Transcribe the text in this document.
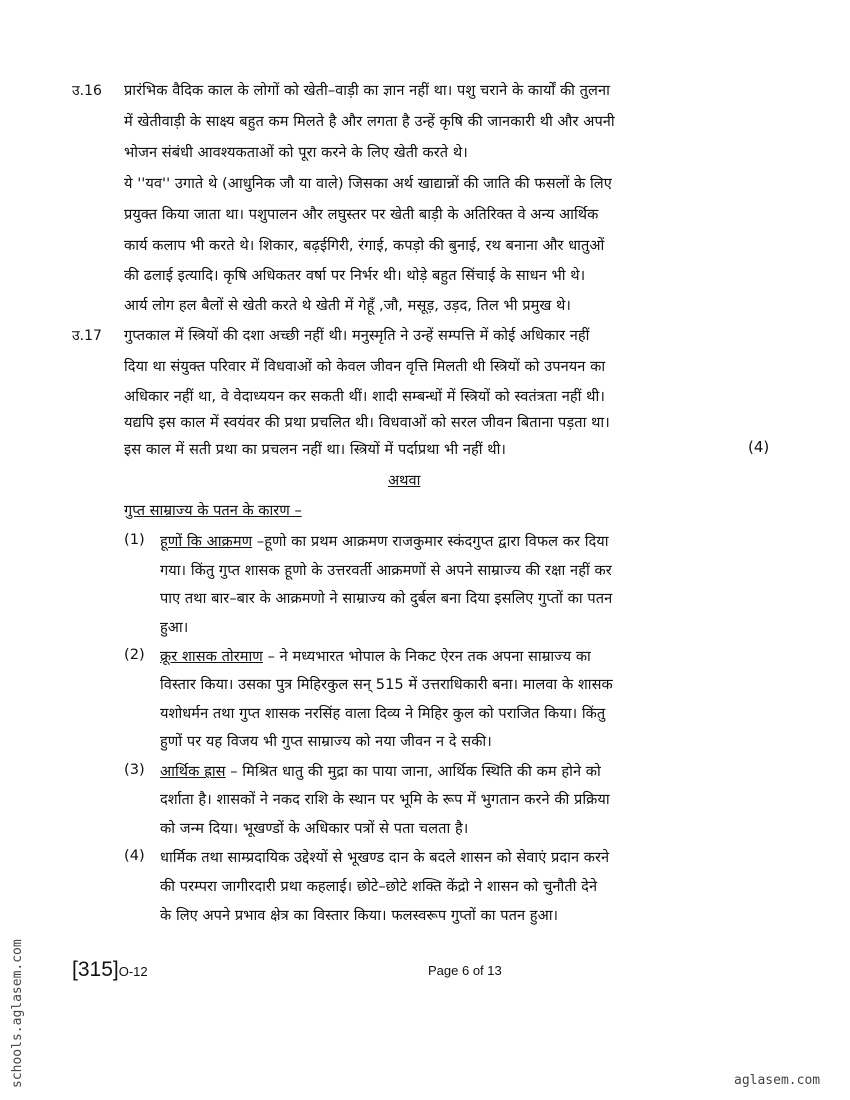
उ.16 प्रारंभिक वैदिक काल के लोगों को खेती–वाड़ी का ज्ञान नहीं था। पशु चराने के कार्यों की तुलना
में खेतीवाड़ी के साक्ष्य बहुत कम मिलते है और लगता है उन्हें कृषि की जानकारी थी और अपनी
भोजन संबंधी आवश्यकताओं को पूरा करने के लिए खेती करते थे।
ये ''यव'' उगाते थे (आधुनिक जौ या वाले) जिसका अर्थ खाद्यान्नों की जाति की फसलों के लिए
प्रयुक्त किया जाता था। पशुपालन और लघुस्तर पर खेती बाड़ी के अतिरिक्त वे अन्य आर्थिक
कार्य कलाप भी करते थे। शिकार, बढ़ईगिरी, रंगाई, कपड़ो की बुनाई, रथ बनाना और धातुओं
की ढलाई इत्यादि। कृषि अधिकतर वर्षा पर निर्भर थी। थोड़े बहुत सिंचाई के साधन भी थे।
आर्य लोग हल बैलों से खेती करते थे खेती में गेहूँ ,जौ, मसूड़, उड़द, तिल भी प्रमुख थे।
उ.17 गुप्तकाल में स्त्रियों की दशा अच्छी नहीं थी। मनुस्मृति ने उन्हें सम्पत्ति में कोई अधिकार नहीं
दिया था संयुक्त परिवार में विधवाओं को केवल जीवन वृत्ति मिलती थी स्त्रियों को उपनयन का
अधिकार नहीं था, वे वेदाध्ययन कर सकती थीं। शादी सम्बन्धों में स्त्रियों को स्वतंत्रता नहीं थी।
यद्यपि इस काल में स्वयंवर की प्रथा प्रचलित थी। विधवाओं को सरल जीवन बिताना पड़ता था।
इस काल में सती प्रथा का प्रचलन नहीं था। स्त्रियों में पर्दाप्रथा भी नहीं थी।	(4)
अथवा
गुप्त साम्राज्य के पतन के कारण –
(1) हूणों कि आक्रमण –हूणो का प्रथम आक्रमण राजकुमार स्कंदगुप्त द्वारा विफल कर दिया
गया। किंतु गुप्त शासक हूणो के उत्तरवर्ती आक्रमणों से अपने साम्राज्य की रक्षा नहीं कर
पाए तथा बार–बार के आक्रमणो ने साम्राज्य को दुर्बल बना दिया इसलिए गुप्तों का पतन
हुआ।
(2) क्रूर शासक तोरमाण – ने मध्यभारत भोपाल के निकट ऐरन तक अपना साम्राज्य का
विस्तार किया। उसका पुत्र मिहिरकुल सन् 515 में उत्तराधिकारी बना। मालवा के शासक
यशोधर्मन तथा गुप्त शासक नरसिंह वाला दिव्य ने मिहिर कुल को पराजित किया। किंतु
हुणों पर यह विजय भी गुप्त साम्राज्य को नया जीवन न दे सकी।
(3) आर्थिक ह्रास – मिश्रित धातु की मुद्रा का पाया जाना, आर्थिक स्थिति की कम होने को
दर्शाता है। शासकों ने नकद राशि के स्थान पर भूमि के रूप में भुगतान करने की प्रक्रिया
को जन्म दिया। भूखण्डों के अधिकार पत्रों से पता चलता है।
(4) धार्मिक तथा साम्प्रदायिक उद्देश्यों से भूखण्ड दान के बदले शासन को सेवाएं प्रदान करने
की परम्परा जागीरदारी प्रथा कहलाई। छोटे–छोटे शक्ति केंद्रो ने शासन को चुनौती देने
के लिए अपने प्रभाव क्षेत्र का विस्तार किया। फलस्वरूप गुप्तों का पतन हुआ।
[315]O-12	Page 6 of 13
schools.aglasem.com	aglasem.com
